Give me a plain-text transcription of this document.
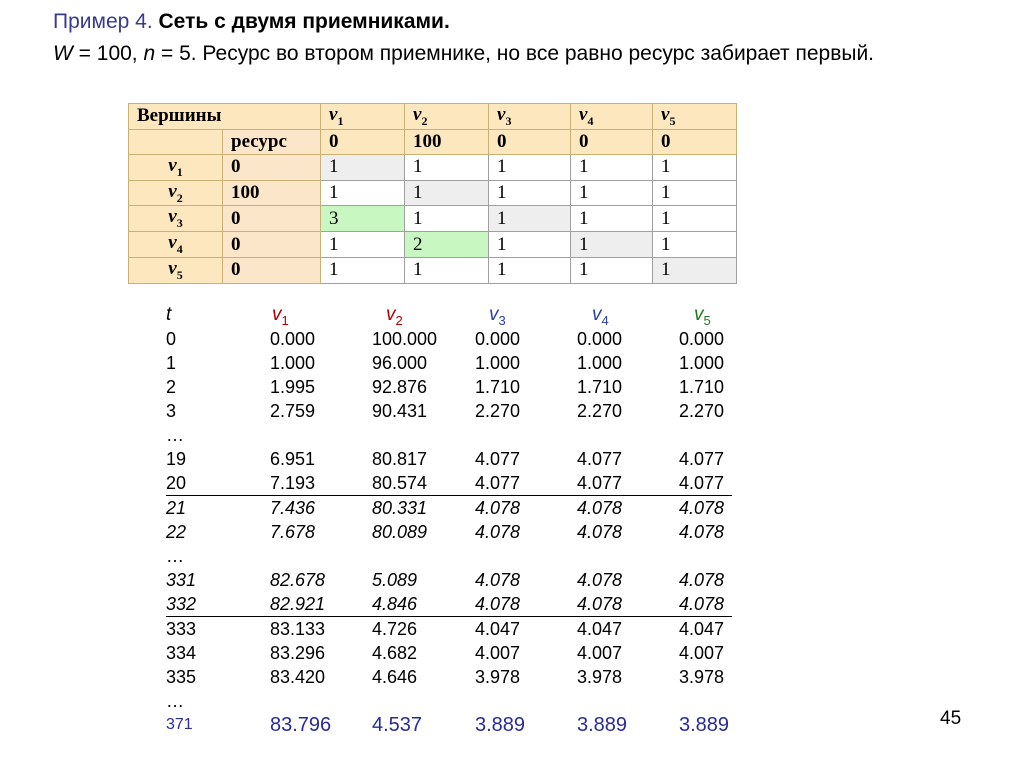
Пример 4. Сеть с двумя приемниками.
W = 100, n = 5. Ресурс во втором приемнике, но все равно ресурс забирает первый.
Вершины		$v_1$	$v_2$	$v_3$	$v_4$	$v_5$
	ресурс	0	100	0	0	0
$v_1$	0	1	1	1	1	1
$v_2$	100	1	1	1	1	1
$v_3$	0	3	1	1	1	1
$v_4$	0	1	2	1	1	1
$v_5$	0	1	1	1	1	1
t	$v_1$	$v_2$	$v_3$	$v_4$	$v_5$
0	0.000	100.000 0.000	0.000	0.000
1	1.000	96.000	1.000	1.000	1.000
2	1.995	92.876	1.710	1.710	1.710
3	2.759	90.431	2.270	2.270	2.270
…
19	6.951	80.817	4.077	4.077	4.077
20	7.193	80.574	4.077	4.077	4.077
21	7.436	80.331	4.078	4.078	4.078
22	7.678	80.089	4.078	4.078	4.078
…
331	82.678	5.089	4.078	4.078	4.078
332	82.921	4.846	4.078	4.078	4.078
333	83.133	4.726	4.047	4.047	4.047
334	83.296	4.682	4.007	4.007	4.007
335	83.420	4.646	3.978	3.978	3.978
…
371	83.796 4.537	3.889	3.889	3.889	45
